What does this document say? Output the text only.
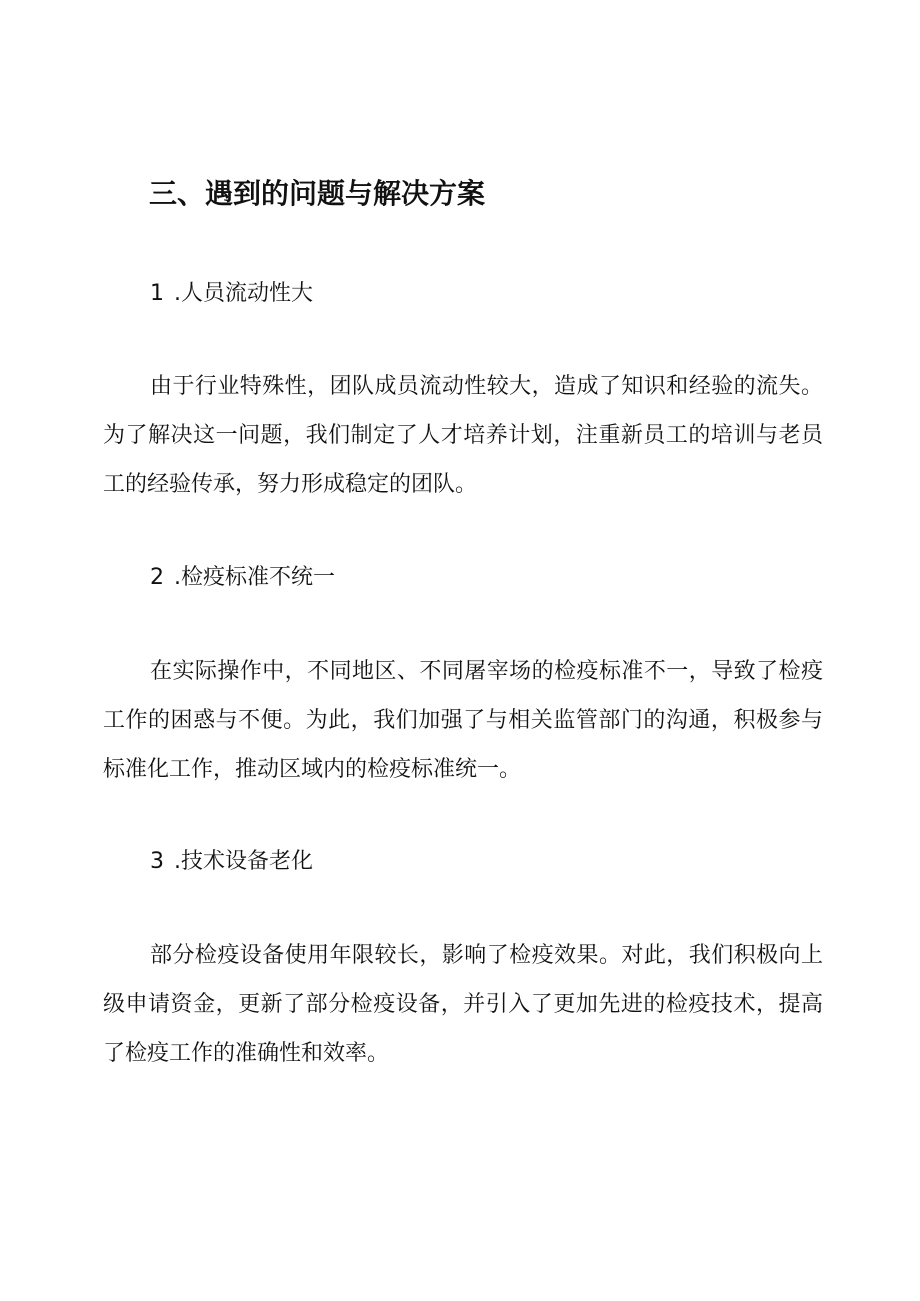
三、遇到的问题与解决方案
1 .人员流动性大
由于行业特殊性，团队成员流动性较大，造成了知识和经验的流失。为了解决这一问题，我们制定了人才培养计划，注重新员工的培训与老员工的经验传承，努力形成稳定的团队。
2 .检疫标准不统一
在实际操作中，不同地区、不同屠宰场的检疫标准不一，导致了检疫工作的困惑与不便。为此，我们加强了与相关监管部门的沟通，积极参与标准化工作，推动区域内的检疫标准统一。
3 .技术设备老化
部分检疫设备使用年限较长，影响了检疫效果。对此，我们积极向上级申请资金，更新了部分检疫设备，并引入了更加先进的检疫技术，提高了检疫工作的准确性和效率。
